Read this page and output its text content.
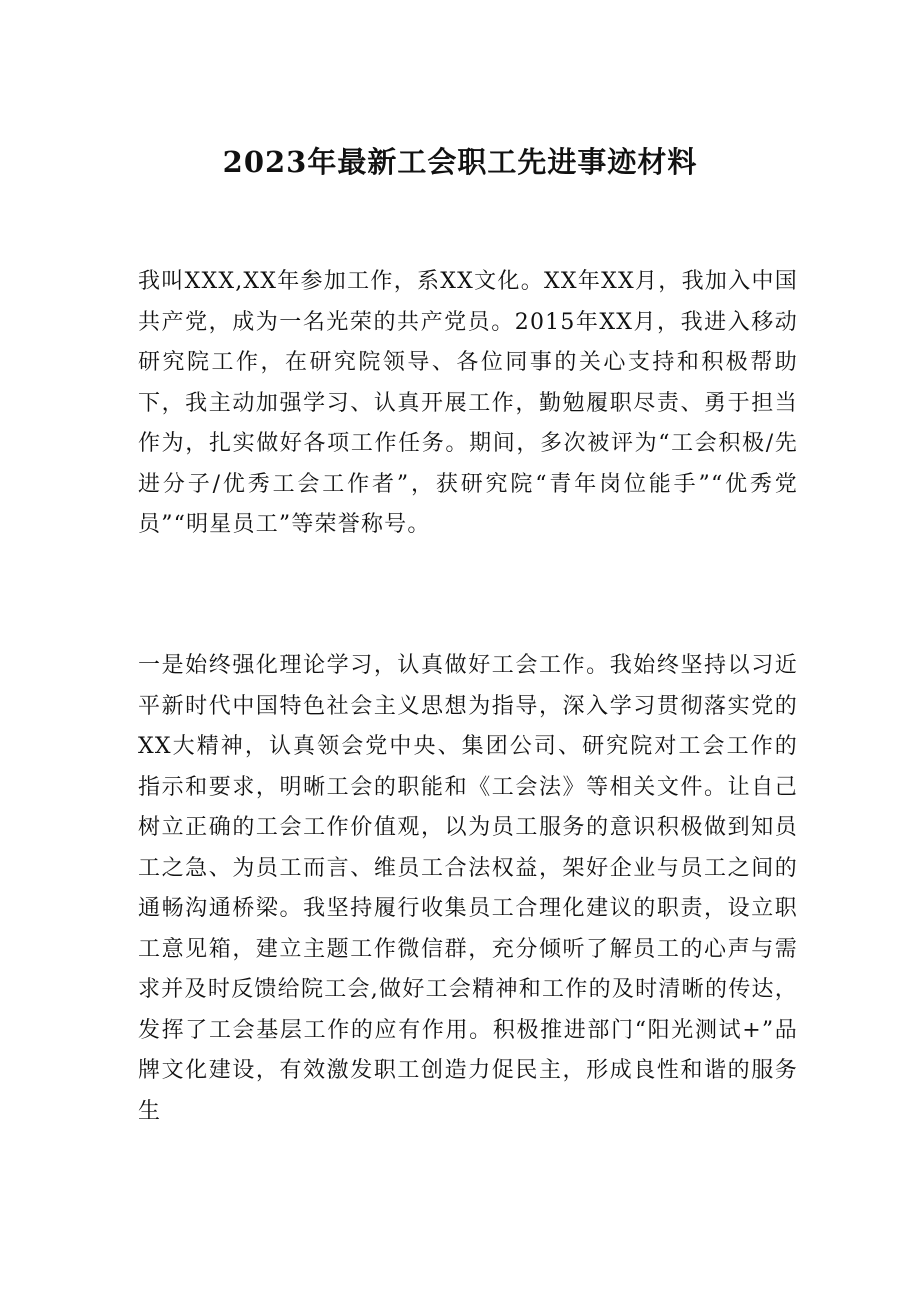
2023年最新工会职工先进事迹材料

我叫XXX,XX年参加工作，系XX文化。XX年XX月，我加入中国共产党，成为一名光荣的共产党员。2015年XX月，我进入移动研究院工作，在研究院领导、各位同事的关心支持和积极帮助下，我主动加强学习、认真开展工作，勤勉履职尽责、勇于担当作为，扎实做好各项工作任务。期间，多次被评为“工会积极/先进分子/优秀工会工作者”，获研究院“青年岗位能手”“优秀党员”“明星员工”等荣誉称号。

一是始终强化理论学习，认真做好工会工作。我始终坚持以习近平新时代中国特色社会主义思想为指导，深入学习贯彻落实党的XX大精神，认真领会党中央、集团公司、研究院对工会工作的指示和要求，明晰工会的职能和《工会法》等相关文件。让自己树立正确的工会工作价值观，以为员工服务的意识积极做到知员工之急、为员工而言、维员工合法权益，架好企业与员工之间的通畅沟通桥梁。我坚持履行收集员工合理化建议的职责，设立职工意见箱，建立主题工作微信群，充分倾听了解员工的心声与需求并及时反馈给院工会,做好工会精神和工作的及时清晰的传达，发挥了工会基层工作的应有作用。积极推进部门“阳光测试+”品牌文化建设，有效激发职工创造力促民主，形成良性和谐的服务生
